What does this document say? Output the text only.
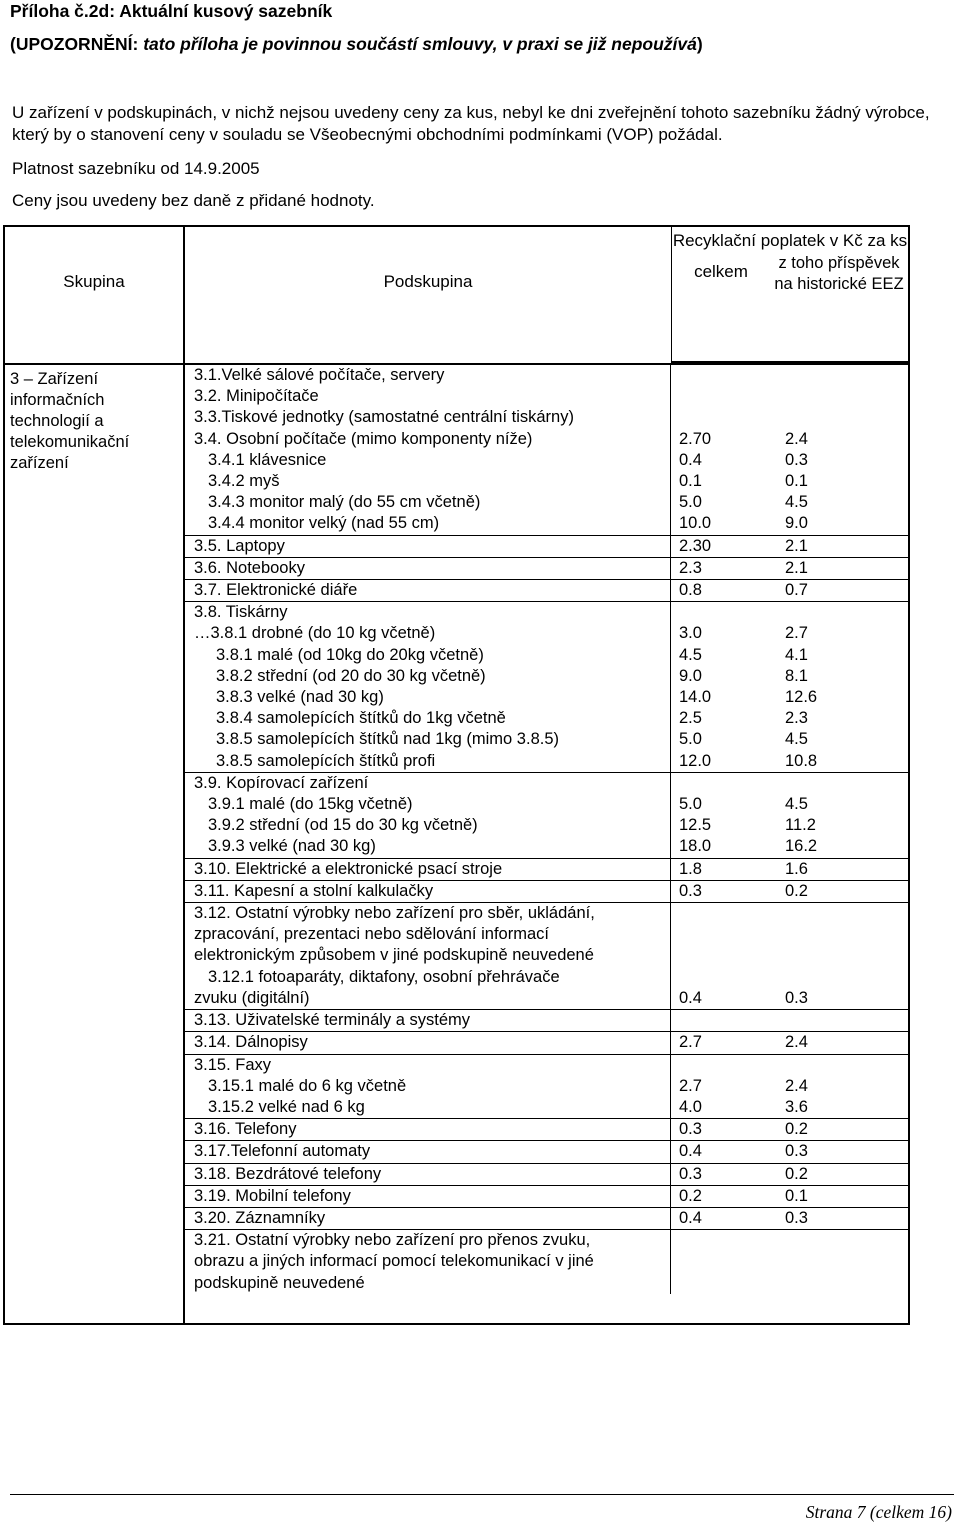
Příloha č.2d: Aktuální kusový sazebník
(UPOZORNĚNÍ: tato příloha je povinnou součástí smlouvy, v praxi se již nepoužívá)
U zařízení v podskupinách, v nichž nejsou uvedeny ceny za kus, nebyl ke dni zveřejnění tohoto sazebníku žádný výrobce, který by o stanovení ceny v souladu se Všeobecnými obchodními podmínkami (VOP) požádal.
Platnost sazebníku od 14.9.2005
Ceny jsou uvedeny bez daně z přidané hodnoty.
Skupina	Podskupina

Recyklační poplatek v Kč za ks
celkem	z toho příspěvek na historické EEZ

3 – Zařízení informačních technologií a telekomunikační zařízení

3.1.Velké sálové počítače, servery		
3.2. Minipočítače		
3.3.Tiskové jednotky (samostatné centrální tiskárny)		
3.4. Osobní počítače (mimo komponenty níže)	2.70	2.4
3.4.1 klávesnice	0.4	0.3
3.4.2 myš	0.1	0.1
3.4.3 monitor malý (do 55 cm včetně)	5.0	4.5
3.4.4 monitor velký (nad 55 cm)	10.0	9.0
3.5. Laptopy	2.30	2.1
3.6. Notebooky	2.3	2.1
3.7. Elektronické diáře	0.8	0.7
3.8. Tiskárny		
…3.8.1 drobné (do 10 kg včetně)	3.0	2.7
3.8.1 malé (od 10kg do 20kg včetně)	4.5	4.1
3.8.2 střední (od 20 do 30 kg včetně)	9.0	8.1
3.8.3 velké (nad 30 kg)	14.0	12.6
3.8.4 samolepících štítků do 1kg včetně	2.5	2.3
3.8.5 samolepících štítků nad 1kg (mimo 3.8.5)	5.0	4.5
3.8.5 samolepících štítků profi	12.0	10.8
3.9. Kopírovací zařízení		
3.9.1 malé (do 15kg včetně)	5.0	4.5
3.9.2 střední (od 15 do 30 kg včetně)	12.5	11.2
3.9.3 velké (nad 30 kg)	18.0	16.2
3.10. Elektrické a elektronické psací stroje	1.8	1.6
3.11. Kapesní a stolní kalkulačky	0.3	0.2
3.12. Ostatní výrobky nebo zařízení pro sběr, ukládání,		
zpracování, prezentaci nebo sdělování informací		
elektronickým způsobem v jiné podskupině neuvedené		
3.12.1 fotoaparáty, diktafony, osobní přehrávače		
zvuku (digitální)	0.4	0.3
3.13. Uživatelské terminály a systémy		
3.14. Dálnopisy	2.7	2.4
3.15. Faxy		
3.15.1 malé do 6 kg včetně	2.7	2.4
3.15.2 velké nad 6 kg	4.0	3.6
3.16. Telefony	0.3	0.2
3.17.Telefonní automaty	0.4	0.3
3.18. Bezdrátové telefony	0.3	0.2
3.19. Mobilní telefony	0.2	0.1
3.20. Záznamníky	0.4	0.3
3.21. Ostatní výrobky nebo zařízení pro přenos zvuku,		
obrazu a jiných informací pomocí telekomunikací v jiné		
podskupině neuvedené		
Strana 7 (celkem 16)
